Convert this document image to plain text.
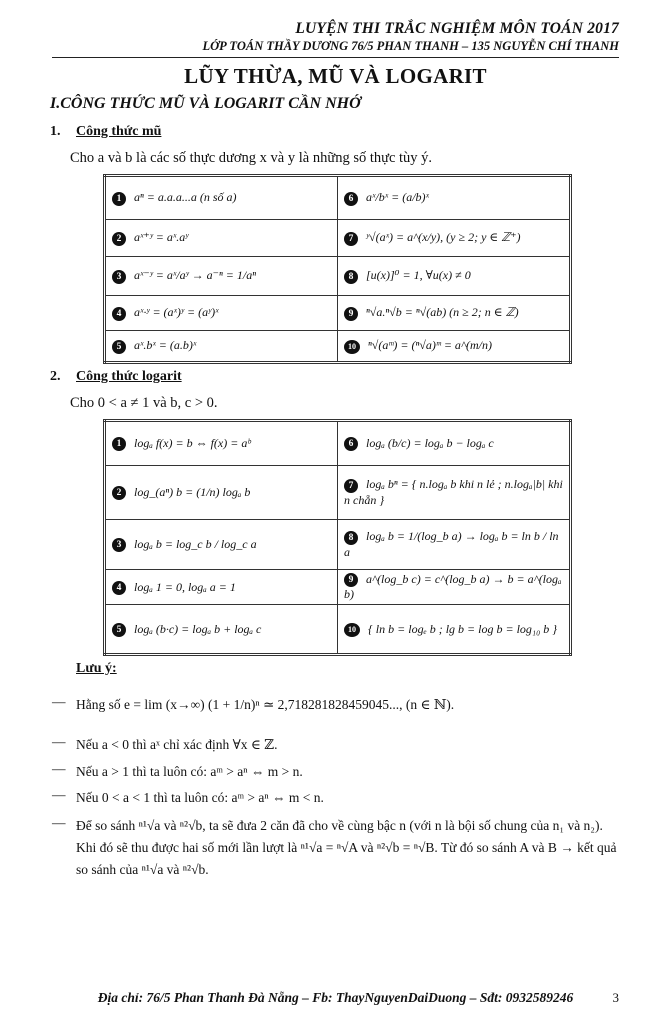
LUYỆN THI TRẮC NGHIỆM MÔN TOÁN 2017
LỚP TOÁN THẦY DƯƠNG 76/5 PHAN THANH – 135 NGUYỄN CHÍ THANH
LŨY THỪA, MŨ VÀ LOGARIT
I.CÔNG THỨC MŨ VÀ LOGARIT CẦN NHỚ
1. Công thức mũ
Cho a và b là các số thực dương x và y là những số thực tùy ý.
1 aⁿ = a.a.a...a (n số a)	6 aˣ/bˣ = (a/b)ˣ
2 aˣ⁺ʸ = aˣ.aʸ	7 ʸ√(aˣ) = a^(x/y), (y ≥ 2; y ∈ ℤ⁺)
3 aˣ⁻ʸ = aˣ/aʸ → a⁻ⁿ = 1/aⁿ	8 [u(x)]⁰ = 1, ∀u(x) ≠ 0
4 aˣ·ʸ = (aˣ)ʸ = (aʸ)ˣ	9 ⁿ√a.ⁿ√b = ⁿ√(ab) (n ≥ 2; n ∈ ℤ)
5 aˣ.bˣ = (a.b)ˣ	10 ⁿ√(aᵐ) = (ⁿ√a)ᵐ = a^(m/n)
2. Công thức logarit
Cho 0 < a ≠ 1 và b, c > 0.
1 logₐ f(x) = b ⇔ f(x) = aᵇ	6 logₐ (b/c) = logₐ b − logₐ c
2 log_(aⁿ) b = (1/n) logₐ b	7 logₐ bⁿ = { n.logₐ b khi n lẻ ; n.logₐ|b| khi n chẵn }
3 logₐ b = log_c b / log_c a	8 logₐ b = 1/(log_b a) → logₐ b = ln b / ln a
4 logₐ 1 = 0, logₐ a = 1	9 a^(log_b c) = c^(log_b a) → b = a^(logₐ b)
5 logₐ (b·c) = logₐ b + logₐ c	10 { ln b = logₑ b ; lg b = log b = log₁₀ b }
Lưu ý:
— Hằng số e = lim (x→∞) (1 + 1/n)ⁿ ≃ 2,718281828459045..., (n ∈ ℕ).
— Nếu a < 0 thì aˣ chỉ xác định ∀x ∈ ℤ.
— Nếu a > 1 thì ta luôn có: aᵐ > aⁿ ⇔ m > n.
— Nếu 0 < a < 1 thì ta luôn có: aᵐ > aⁿ ⇔ m < n.
— Để so sánh ⁿ¹√a và ⁿ²√b, ta sẽ đưa 2 căn đã cho về cùng bậc n (với n là bội số chung của n₁ và n₂). Khi đó sẽ thu được hai số mới lần lượt là ⁿ¹√a = ⁿ√A và ⁿ²√b = ⁿ√B. Từ đó so sánh A và B → kết quả so sánh của ⁿ¹√a và ⁿ²√b.
Địa chỉ: 76/5 Phan Thanh Đà Nẵng – Fb: ThayNguyenDaiDuong – Sđt: 0932589246	3
